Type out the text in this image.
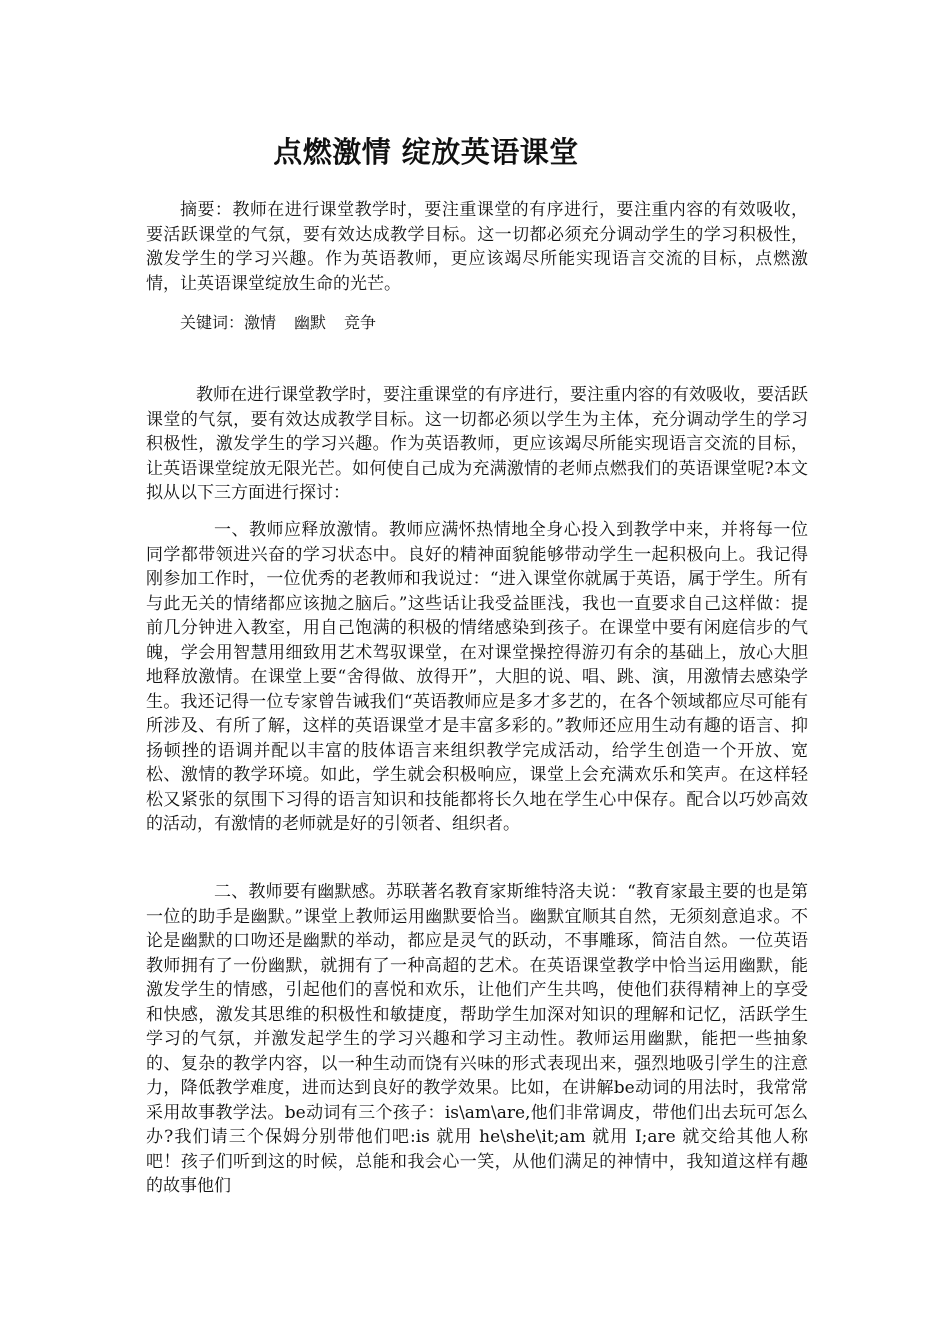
点燃激情 绽放英语课堂
摘要：教师在进行课堂教学时，要注重课堂的有序进行，要注重内容的有效吸收，要活跃课堂的气氛，要有效达成教学目标。这一切都必须充分调动学生的学习积极性，激发学生的学习兴趣。作为英语教师，更应该竭尽所能实现语言交流的目标，点燃激情，让英语课堂绽放生命的光芒。
关键词：激情 幽默 竞争
教师在进行课堂教学时，要注重课堂的有序进行，要注重内容的有效吸收，要活跃课堂的气氛，要有效达成教学目标。这一切都必须以学生为主体，充分调动学生的学习积极性，激发学生的学习兴趣。作为英语教师，更应该竭尽所能实现语言交流的目标，让英语课堂绽放无限光芒。如何使自己成为充满激情的老师点燃我们的英语课堂呢?本文拟从以下三方面进行探讨：
一、教师应释放激情。教师应满怀热情地全身心投入到教学中来，并将每一位同学都带领进兴奋的学习状态中。良好的精神面貌能够带动学生一起积极向上。我记得刚参加工作时，一位优秀的老教师和我说过：“进入课堂你就属于英语，属于学生。所有与此无关的情绪都应该抛之脑后。”这些话让我受益匪浅，我也一直要求自己这样做：提前几分钟进入教室，用自己饱满的积极的情绪感染到孩子。在课堂中要有闲庭信步的气魄，学会用智慧用细致用艺术驾驭课堂，在对课堂操控得游刃有余的基础上，放心大胆地释放激情。在课堂上要“舍得做、放得开”，大胆的说、唱、跳、演，用激情去感染学生。我还记得一位专家曾告诫我们“英语教师应是多才多艺的，在各个领域都应尽可能有所涉及、有所了解，这样的英语课堂才是丰富多彩的。”教师还应用生动有趣的语言、抑扬顿挫的语调并配以丰富的肢体语言来组织教学完成活动，给学生创造一个开放、宽松、激情的教学环境。如此，学生就会积极响应，课堂上会充满欢乐和笑声。在这样轻松又紧张的氛围下习得的语言知识和技能都将长久地在学生心中保存。配合以巧妙高效的活动，有激情的老师就是好的引领者、组织者。
二、教师要有幽默感。苏联著名教育家斯维特洛夫说：“教育家最主要的也是第一位的助手是幽默。”课堂上教师运用幽默要恰当。幽默宜顺其自然，无须刻意追求。不论是幽默的口吻还是幽默的举动，都应是灵气的跃动，不事雕琢，简洁自然。一位英语教师拥有了一份幽默，就拥有了一种高超的艺术。在英语课堂教学中恰当运用幽默，能激发学生的情感，引起他们的喜悦和欢乐，让他们产生共鸣，使他们获得精神上的享受和快感，激发其思维的积极性和敏捷度，帮助学生加深对知识的理解和记忆，活跃学生学习的气氛，并激发起学生的学习兴趣和学习主动性。教师运用幽默，能把一些抽象的、复杂的教学内容，以一种生动而饶有兴味的形式表现出来，强烈地吸引学生的注意力，降低教学难度，进而达到良好的教学效果。比如，在讲解be动词的用法时，我常常采用故事教学法。be动词有三个孩子：is\am\are,他们非常调皮，带他们出去玩可怎么办?我们请三个保姆分别带他们吧:is 就用 he\she\it;am 就用 I;are 就交给其他人称吧！孩子们听到这的时候，总能和我会心一笑，从他们满足的神情中，我知道这样有趣的故事他们
